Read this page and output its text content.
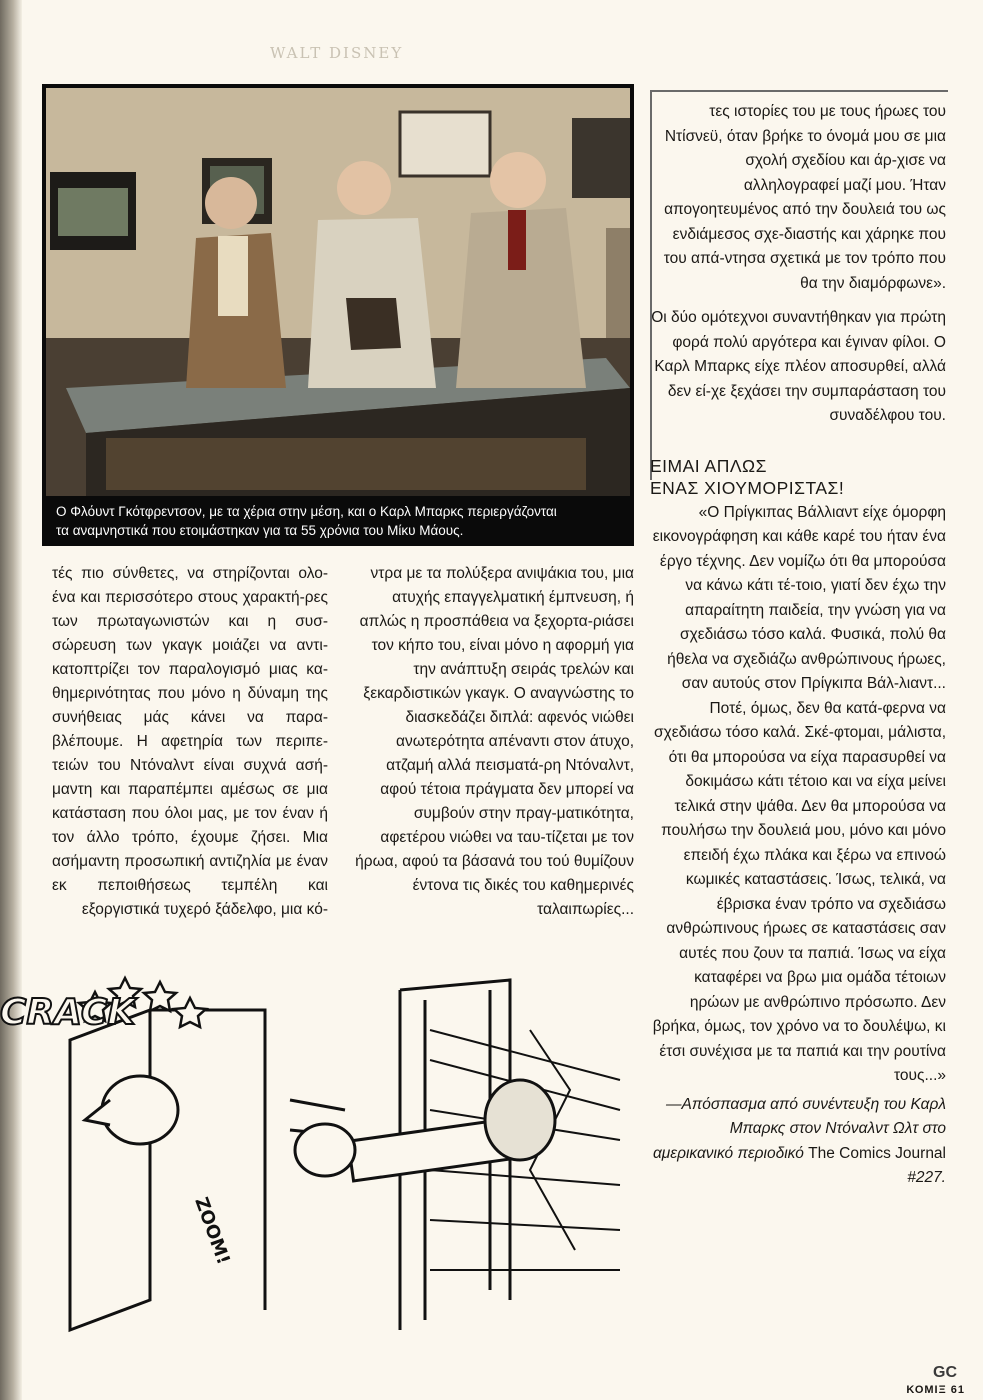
WALT DISNEY
Ο Φλόυντ Γκότφρεντσον, με τα χέρια στην μέση, και ο Καρλ Μπαρκς περιεργάζονται
τα αναμνηστικά που ετοιμάστηκαν για τα 55 χρόνια του Μίκυ Μάους.

τές πιο σύνθετες, να στηρίζονται ολο-ένα και περισσότερο στους χαρακτή-ρες των πρωταγωνιστών και η συσ-σώρευση των γκαγκ μοιάζει να αντι-κατοπτρίζει τον παραλογισμό μιας κα-θημερινότητας που μόνο η δύναμη της συνήθειας μάς κάνει να παρα-βλέπουμε. Η αφετηρία των περιπε-τειών του Ντόναλντ είναι συχνά ασή-μαντη και παραπέμπει αμέσως σε μια κατάσταση που όλοι μας, με τον έναν ή τον άλλο τρόπο, έχουμε ζήσει. Μια ασήμαντη προσωπική αντιζηλία με έναν εκ πεποιθήσεως τεμπέλη και εξοργιστικά τυχερό ξάδελφο, μια κό-

ντρα με τα πολύξερα ανιψάκια του, μια ατυχής επαγγελματική έμπνευση, ή απλώς η προσπάθεια να ξεχορτα-ριάσει τον κήπο του, είναι μόνο η αφορμή για την ανάπτυξη σειράς τρελών και ξεκαρδιστικών γκαγκ. Ο αναγνώστης το διασκεδάζει διπλά: αφενός νιώθει ανωτερότητα απέναντι στον άτυχο, ατζαμή αλλά πεισματά-ρη Ντόναλντ, αφού τέτοια πράγματα δεν μπορεί να συμβούν στην πραγ-ματικότητα, αφετέρου νιώθει να ταυ-τίζεται με τον ήρωα, αφού τα βάσανά του τού θυμίζουν έντονα τις δικές του καθημερινές ταλαιπωρίες...

τες ιστορίες του με τους ήρωες του Ντίσνεϋ, όταν βρήκε το όνομά μου σε μια σχολή σχεδίου και άρ-χισε να αλληλογραφεί μαζί μου. Ήταν απογοητευμένος από την δουλειά του ως ενδιάμεσος σχε-διαστής και χάρηκε που του απά-ντησα σχετικά με τον τρόπο που θα την διαμόρφωνε».

Οι δύο ομότεχνοι συναντήθηκαν για πρώτη φορά πολύ αργότερα και έγιναν φίλοι. Ο Καρλ Μπαρκς είχε πλέον αποσυρθεί, αλλά δεν εί-χε ξεχάσει την συμπαράσταση του συναδέλφου του.

ΕΙΜΑΙ ΑΠΛΩΣ
ΕΝΑΣ ΧΙΟΥΜΟΡΙΣΤΑΣ!

«Ο Πρίγκιπας Βάλλιαντ είχε όμορφη εικονογράφηση και κάθε καρέ του ήταν ένα έργο τέχνης. Δεν νομίζω ότι θα μπορούσα να κάνω κάτι τέ-τοιο, γιατί δεν έχω την απαραίτητη παιδεία, την γνώση για να σχεδιάσω τόσο καλά. Φυσικά, πολύ θα ήθελα να σχεδιάζω ανθρώπινους ήρωες, σαν αυτούς στον Πρίγκιπα Βάλ-λιαντ... Ποτέ, όμως, δεν θα κατά-φερνα να σχεδιάσω τόσο καλά. Σκέ-φτομαι, μάλιστα, ότι θα μπορούσα να είχα παρασυρθεί να δοκιμάσω κάτι τέτοιο και να είχα μείνει τελικά στην ψάθα. Δεν θα μπορούσα να πουλήσω την δουλειά μου, μόνο και μόνο επειδή έχω πλάκα και ξέρω να επινοώ κωμικές καταστάσεις. Ίσως, τελικά, να έβρισκα έναν τρόπο να σχεδιάσω ανθρώπινους ήρωες σε καταστάσεις σαν αυτές που ζουν τα παπιά. Ίσως να είχα καταφέρει να βρω μια ομάδα τέτοιων ηρώων με ανθρώπινο πρόσωπο. Δεν βρήκα, όμως, τον χρόνο να το δουλέψω, κι έτσι συνέχισα με τα παπιά και την ρουτίνα τους...»

—Απόσπασμα από συνέντευξη του Καρλ Μπαρκς στον Ντόναλντ Ωλτ στο αμερικανικό περιοδικό The Comics Journal #227.

CRACK
ZOOM!
GC
ΚΟΜΙΞ 61
